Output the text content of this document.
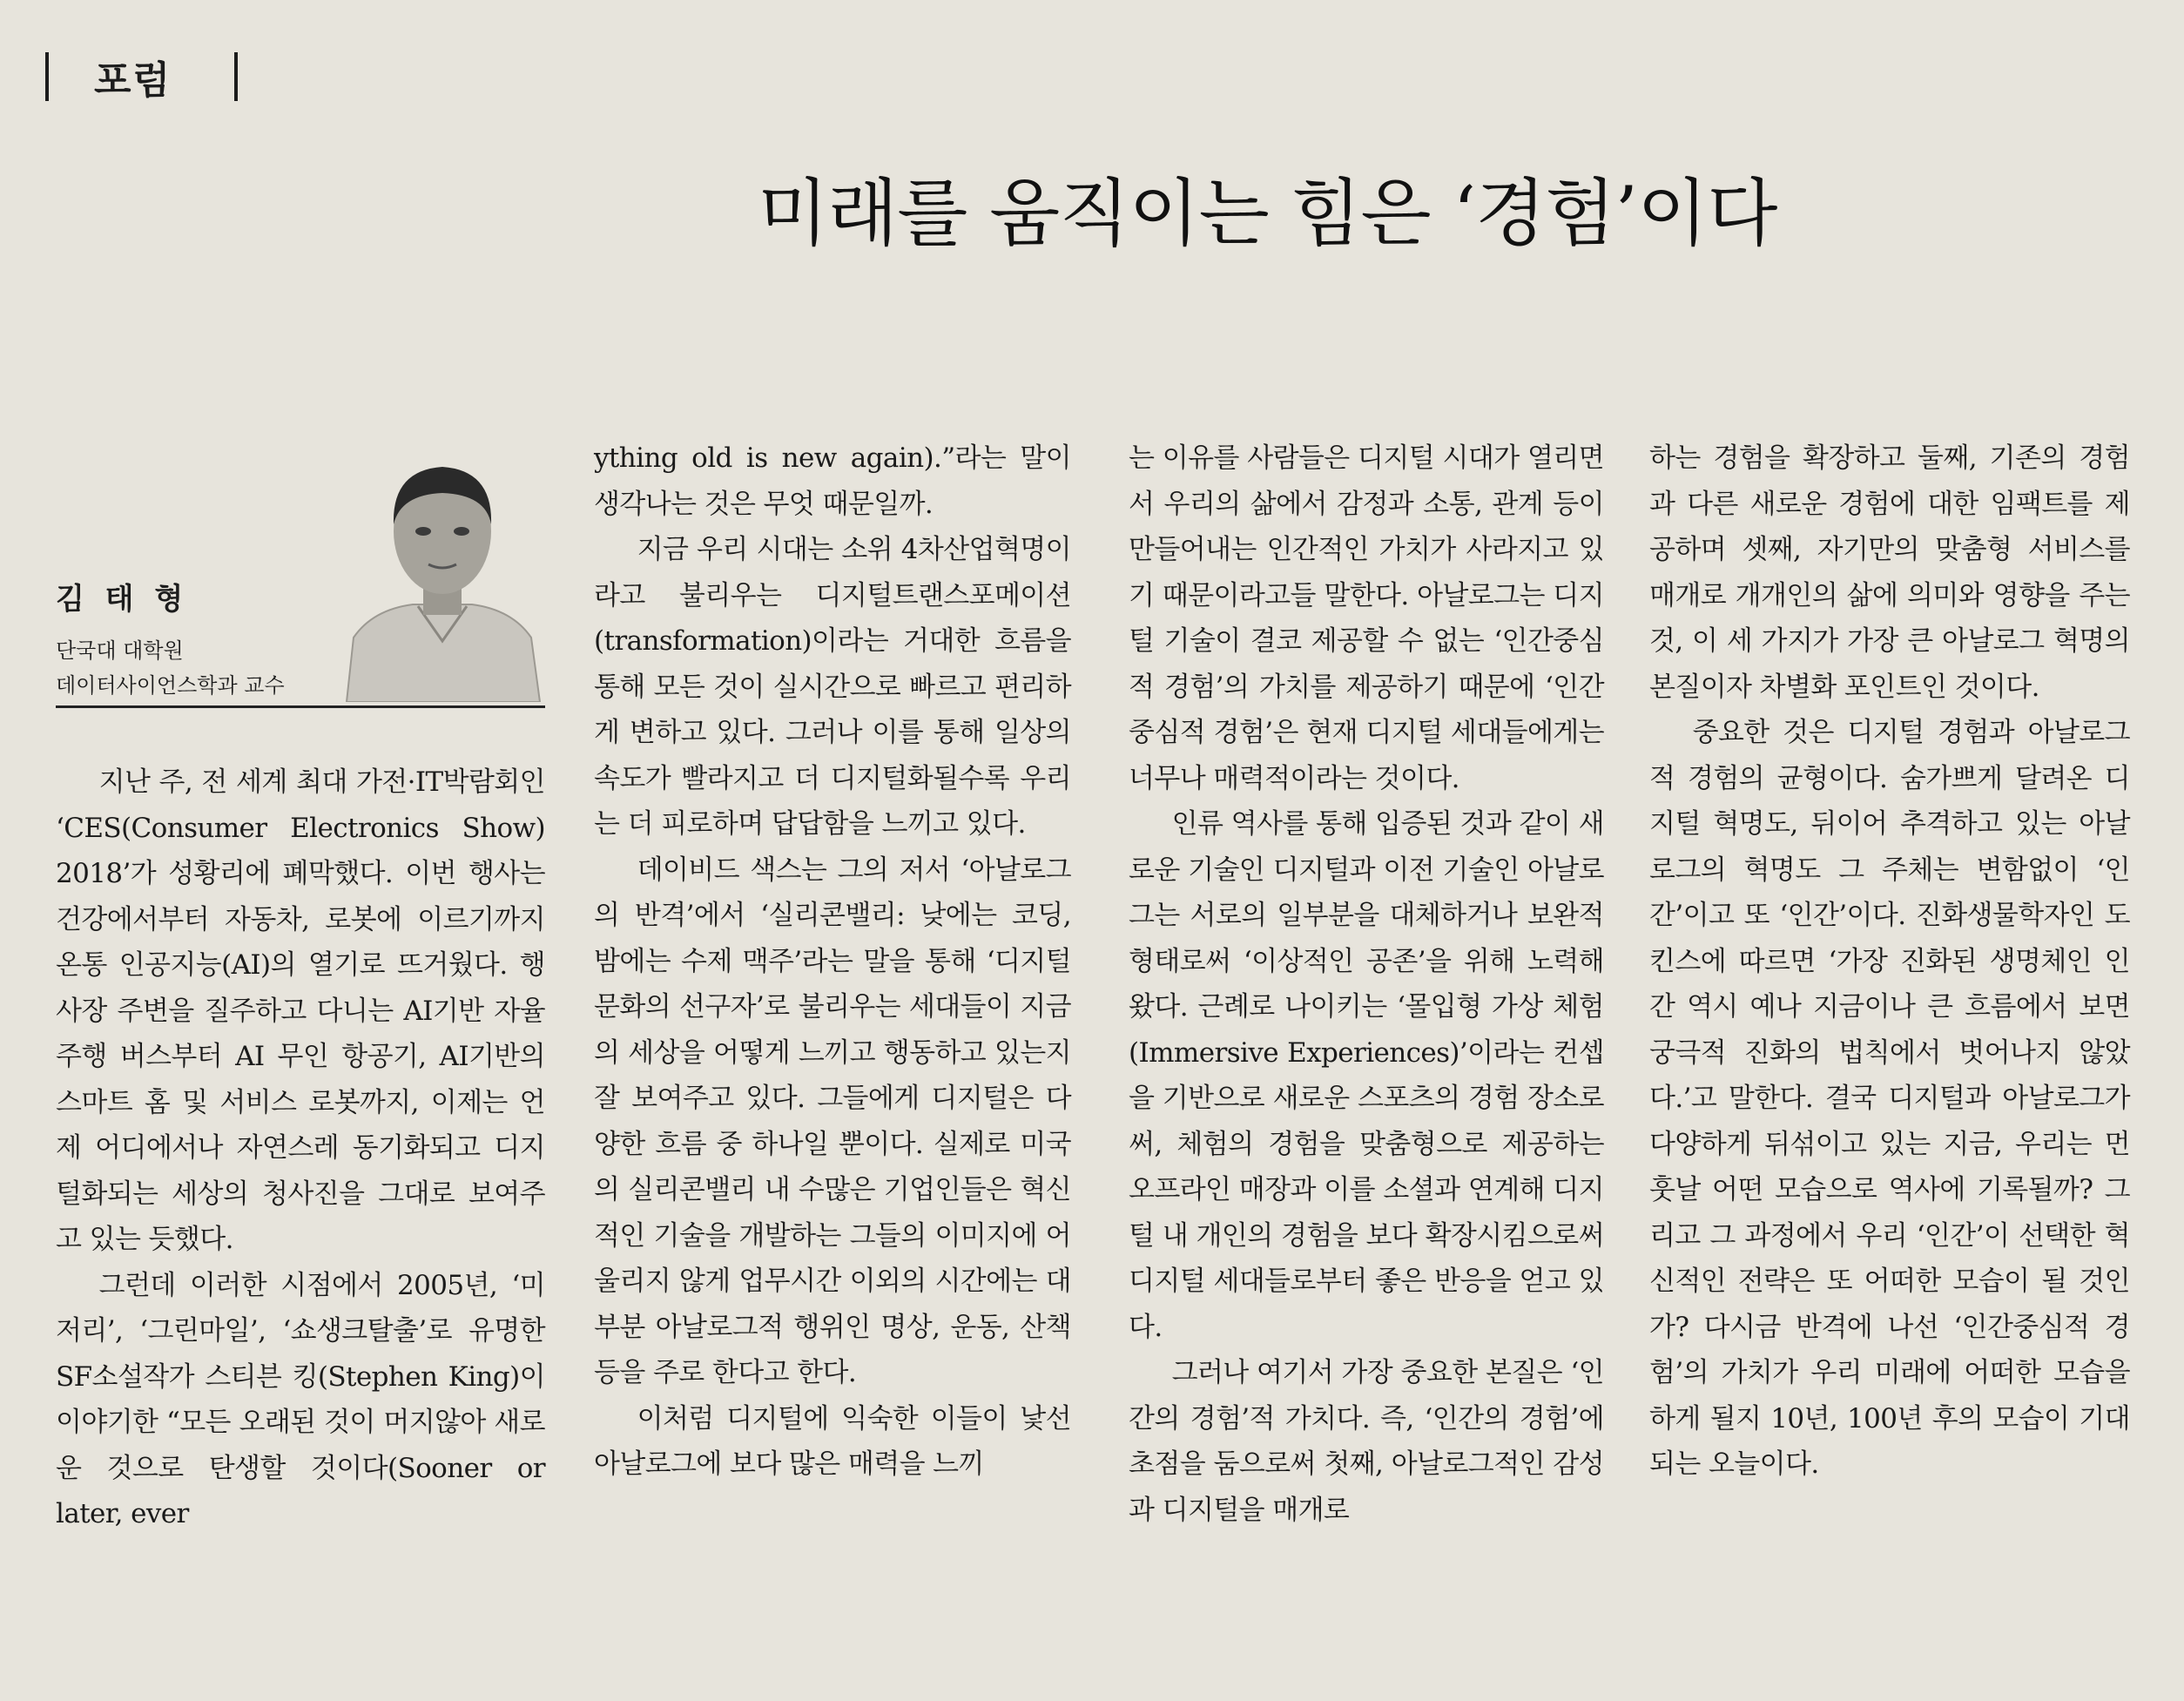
포럼
미래를 움직이는 힘은 ‘경험’이다
김 태 형
단국대 대학원
데이터사이언스학과 교수

지난 주, 전 세계 최대 가전·IT박람회인 ‘CES(Consumer Electronics Show) 2018’가 성황리에 폐막했다. 이번 행사는 건강에서부터 자동차, 로봇에 이르기까지 온통 인공지능(AI)의 열기로 뜨거웠다. 행사장 주변을 질주하고 다니는 AI기반 자율 주행 버스부터 AI 무인 항공기, AI기반의 스마트 홈 및 서비스 로봇까지, 이제는 언제 어디에서나 자연스레 동기화되고 디지털화되는 세상의 청사진을 그대로 보여주고 있는 듯했다.

그런데 이러한 시점에서 2005년, ‘미저리’, ‘그린마일’, ‘쇼생크탈출’로 유명한 SF소설작가 스티븐 킹(Stephen King)이 이야기한 “모든 오래된 것이 머지않아 새로운 것으로 탄생할 것이다(Sooner or later, ever

ything old is new again).”라는 말이 생각나는 것은 무엇 때문일까.

지금 우리 시대는 소위 4차산업혁명이라고 불리우는 디지털트랜스포메이션(transformation)이라는 거대한 흐름을 통해 모든 것이 실시간으로 빠르고 편리하게 변하고 있다. 그러나 이를 통해 일상의 속도가 빨라지고 더 디지털화될수록 우리는 더 피로하며 답답함을 느끼고 있다.

데이비드 색스는 그의 저서 ‘아날로그의 반격’에서 ‘실리콘밸리: 낮에는 코딩, 밤에는 수제 맥주’라는 말을 통해 ‘디지털 문화의 선구자’로 불리우는 세대들이 지금의 세상을 어떻게 느끼고 행동하고 있는지 잘 보여주고 있다. 그들에게 디지털은 다양한 흐름 중 하나일 뿐이다. 실제로 미국의 실리콘밸리 내 수많은 기업인들은 혁신적인 기술을 개발하는 그들의 이미지에 어울리지 않게 업무시간 이외의 시간에는 대부분 아날로그적 행위인 명상, 운동, 산책 등을 주로 한다고 한다.

이처럼 디지털에 익숙한 이들이 낯선 아날로그에 보다 많은 매력을 느끼

는 이유를 사람들은 디지털 시대가 열리면서 우리의 삶에서 감정과 소통, 관계 등이 만들어내는 인간적인 가치가 사라지고 있기 때문이라고들 말한다. 아날로그는 디지털 기술이 결코 제공할 수 없는 ‘인간중심적 경험’의 가치를 제공하기 때문에 ‘인간중심적 경험’은 현재 디지털 세대들에게는 너무나 매력적이라는 것이다.

인류 역사를 통해 입증된 것과 같이 새로운 기술인 디지털과 이전 기술인 아날로그는 서로의 일부분을 대체하거나 보완적 형태로써 ‘이상적인 공존’을 위해 노력해왔다. 근례로 나이키는 ‘몰입형 가상 체험(Immersive Experiences)’이라는 컨셉을 기반으로 새로운 스포츠의 경험 장소로써, 체험의 경험을 맞춤형으로 제공하는 오프라인 매장과 이를 소셜과 연계해 디지털 내 개인의 경험을 보다 확장시킴으로써 디지털 세대들로부터 좋은 반응을 얻고 있다.

그러나 여기서 가장 중요한 본질은 ‘인간의 경험’적 가치다. 즉, ‘인간의 경험’에 초점을 둠으로써 첫째, 아날로그적인 감성과 디지털을 매개로

하는 경험을 확장하고 둘째, 기존의 경험과 다른 새로운 경험에 대한 임팩트를 제공하며 셋째, 자기만의 맞춤형 서비스를 매개로 개개인의 삶에 의미와 영향을 주는 것, 이 세 가지가 가장 큰 아날로그 혁명의 본질이자 차별화 포인트인 것이다.

중요한 것은 디지털 경험과 아날로그적 경험의 균형이다. 숨가쁘게 달려온 디지털 혁명도, 뒤이어 추격하고 있는 아날로그의 혁명도 그 주체는 변함없이 ‘인간’이고 또 ‘인간’이다. 진화생물학자인 도킨스에 따르면 ‘가장 진화된 생명체인 인간 역시 예나 지금이나 큰 흐름에서 보면 궁극적 진화의 법칙에서 벗어나지 않았다.’고 말한다. 결국 디지털과 아날로그가 다양하게 뒤섞이고 있는 지금, 우리는 먼 훗날 어떤 모습으로 역사에 기록될까? 그리고 그 과정에서 우리 ‘인간’이 선택한 혁신적인 전략은 또 어떠한 모습이 될 것인가? 다시금 반격에 나선 ‘인간중심적 경험’의 가치가 우리 미래에 어떠한 모습을 하게 될지 10년, 100년 후의 모습이 기대되는 오늘이다.
